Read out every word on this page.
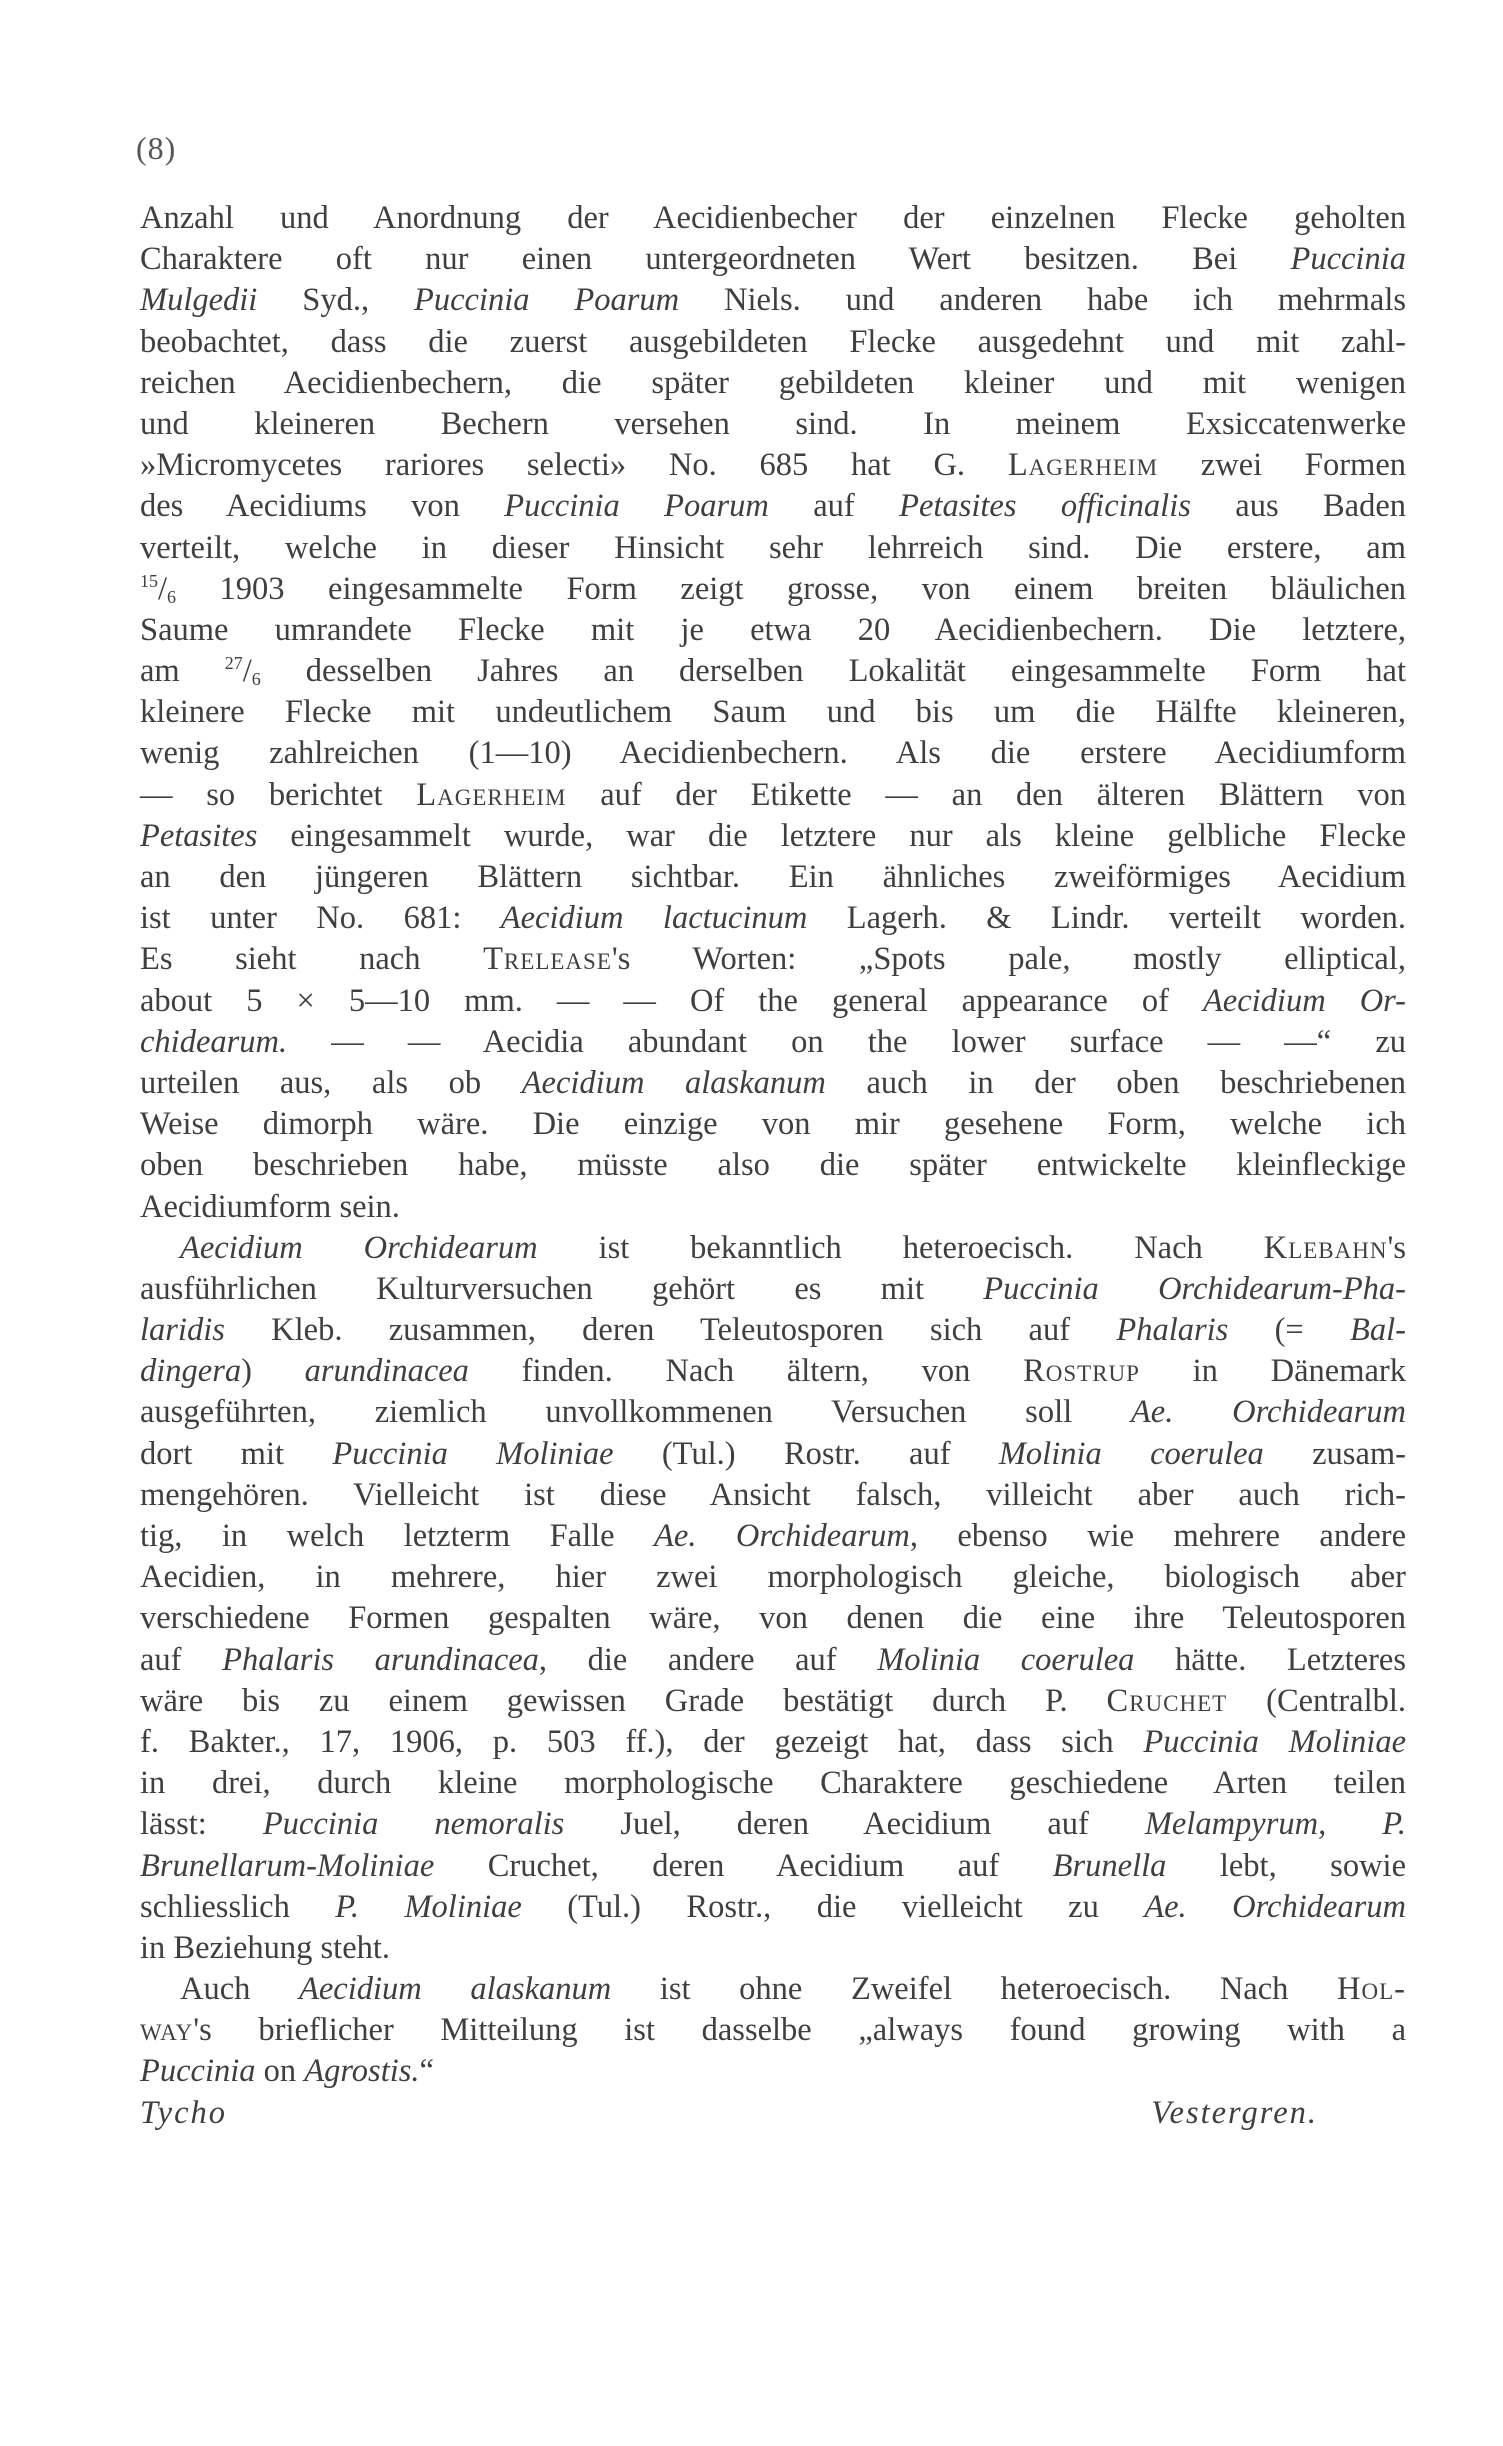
(8)
Anzahl und Anordnung der Aecidienbecher der einzelnen Flecke geholten
Charaktere oft nur einen untergeordneten Wert besitzen. Bei Puccinia
Mulgedii Syd., Puccinia Poarum Niels. und anderen habe ich mehrmals
beobachtet, dass die zuerst ausgebildeten Flecke ausgedehnt und mit zahl-
reichen Aecidienbechern, die später gebildeten kleiner und mit wenigen
und kleineren Bechern versehen sind. In meinem Exsiccatenwerke
»Micromycetes rariores selecti» No. 685 hat G. Lagerheim zwei Formen
des Aecidiums von Puccinia Poarum auf Petasites officinalis aus Baden
verteilt, welche in dieser Hinsicht sehr lehrreich sind. Die erstere, am
$^{15}/_6$ 1903 eingesammelte Form zeigt grosse, von einem breiten bläulichen
Saume umrandete Flecke mit je etwa 20 Aecidienbechern. Die letztere,
am $^{27}/_6$ desselben Jahres an derselben Lokalität eingesammelte Form hat
kleinere Flecke mit undeutlichem Saum und bis um die Hälfte kleineren,
wenig zahlreichen (1—10) Aecidienbechern. Als die erstere Aecidiumform
— so berichtet Lagerheim auf der Etikette — an den älteren Blättern von
Petasites eingesammelt wurde, war die letztere nur als kleine gelbliche Flecke
an den jüngeren Blättern sichtbar. Ein ähnliches zweiförmiges Aecidium
ist unter No. 681: Aecidium lactucinum Lagerh. & Lindr. verteilt worden.
Es sieht nach Trelease's Worten: „Spots pale, mostly elliptical,
about 5 × 5—10 mm. — — Of the general appearance of Aecidium Or-
chidearum. — — Aecidia abundant on the lower surface — —“ zu
urteilen aus, als ob Aecidium alaskanum auch in der oben beschriebenen
Weise dimorph wäre. Die einzige von mir gesehene Form, welche ich
oben beschrieben habe, müsste also die später entwickelte kleinfleckige
Aecidiumform sein.
Aecidium Orchidearum ist bekanntlich heteroecisch. Nach Klebahn's
ausführlichen Kulturversuchen gehört es mit Puccinia Orchidearum-Pha-
laridis Kleb. zusammen, deren Teleutosporen sich auf Phalaris (= Bal-
dingera) arundinacea finden. Nach ältern, von Rostrup in Dänemark
ausgeführten, ziemlich unvollkommenen Versuchen soll Ae. Orchidearum
dort mit Puccinia Moliniae (Tul.) Rostr. auf Molinia coerulea zusam-
mengehören. Vielleicht ist diese Ansicht falsch, villeicht aber auch rich-
tig, in welch letzterm Falle Ae. Orchidearum, ebenso wie mehrere andere
Aecidien, in mehrere, hier zwei morphologisch gleiche, biologisch aber
verschiedene Formen gespalten wäre, von denen die eine ihre Teleutosporen
auf Phalaris arundinacea, die andere auf Molinia coerulea hätte. Letzteres
wäre bis zu einem gewissen Grade bestätigt durch P. Cruchet (Centralbl.
f. Bakter., 17, 1906, p. 503 ff.), der gezeigt hat, dass sich Puccinia Moliniae
in drei, durch kleine morphologische Charaktere geschiedene Arten teilen
lässt: Puccinia nemoralis Juel, deren Aecidium auf Melampyrum, P.
Brunellarum-Moliniae Cruchet, deren Aecidium auf Brunella lebt, sowie
schliesslich P. Moliniae (Tul.) Rostr., die vielleicht zu Ae. Orchidearum
in Beziehung steht.
Auch Aecidium alaskanum ist ohne Zweifel heteroecisch. Nach Hol-
way's brieflicher Mitteilung ist dasselbe „always found growing with a
Puccinia on Agrostis.“
Tycho Vestergren.
